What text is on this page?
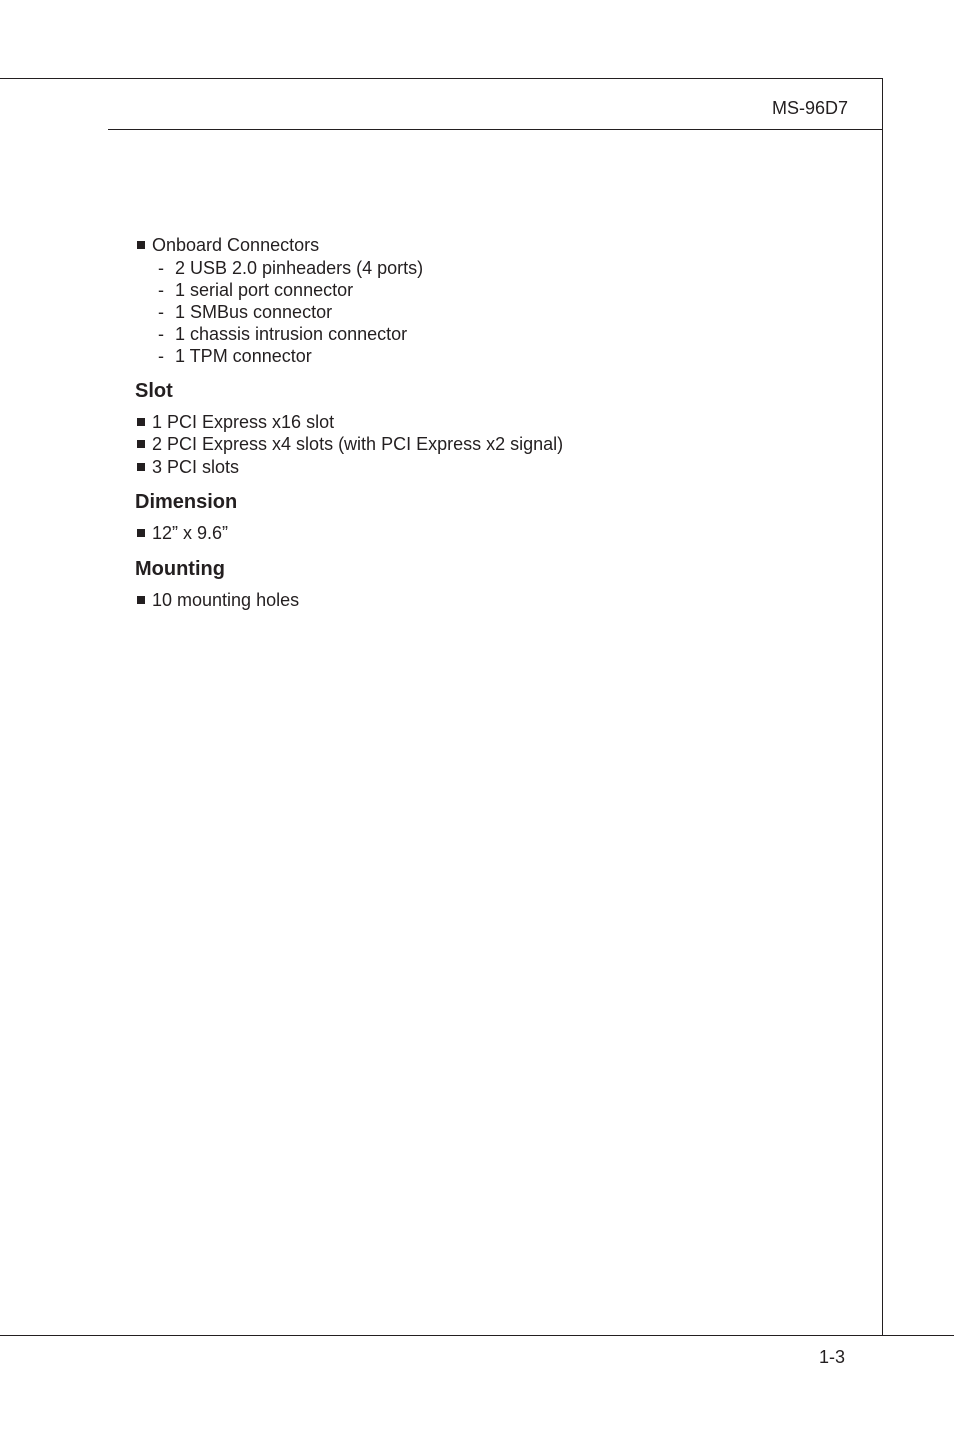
MS-96D7
Onboard Connectors
- 2 USB 2.0 pinheaders (4 ports)
- 1 serial port connector
- 1 SMBus connector
- 1 chassis intrusion connector
- 1 TPM connector
Slot
1 PCI Express x16 slot
2 PCI Express x4 slots (with PCI Express x2 signal)
3 PCI slots
Dimension
12” x 9.6”
Mounting
10 mounting holes
1-3
